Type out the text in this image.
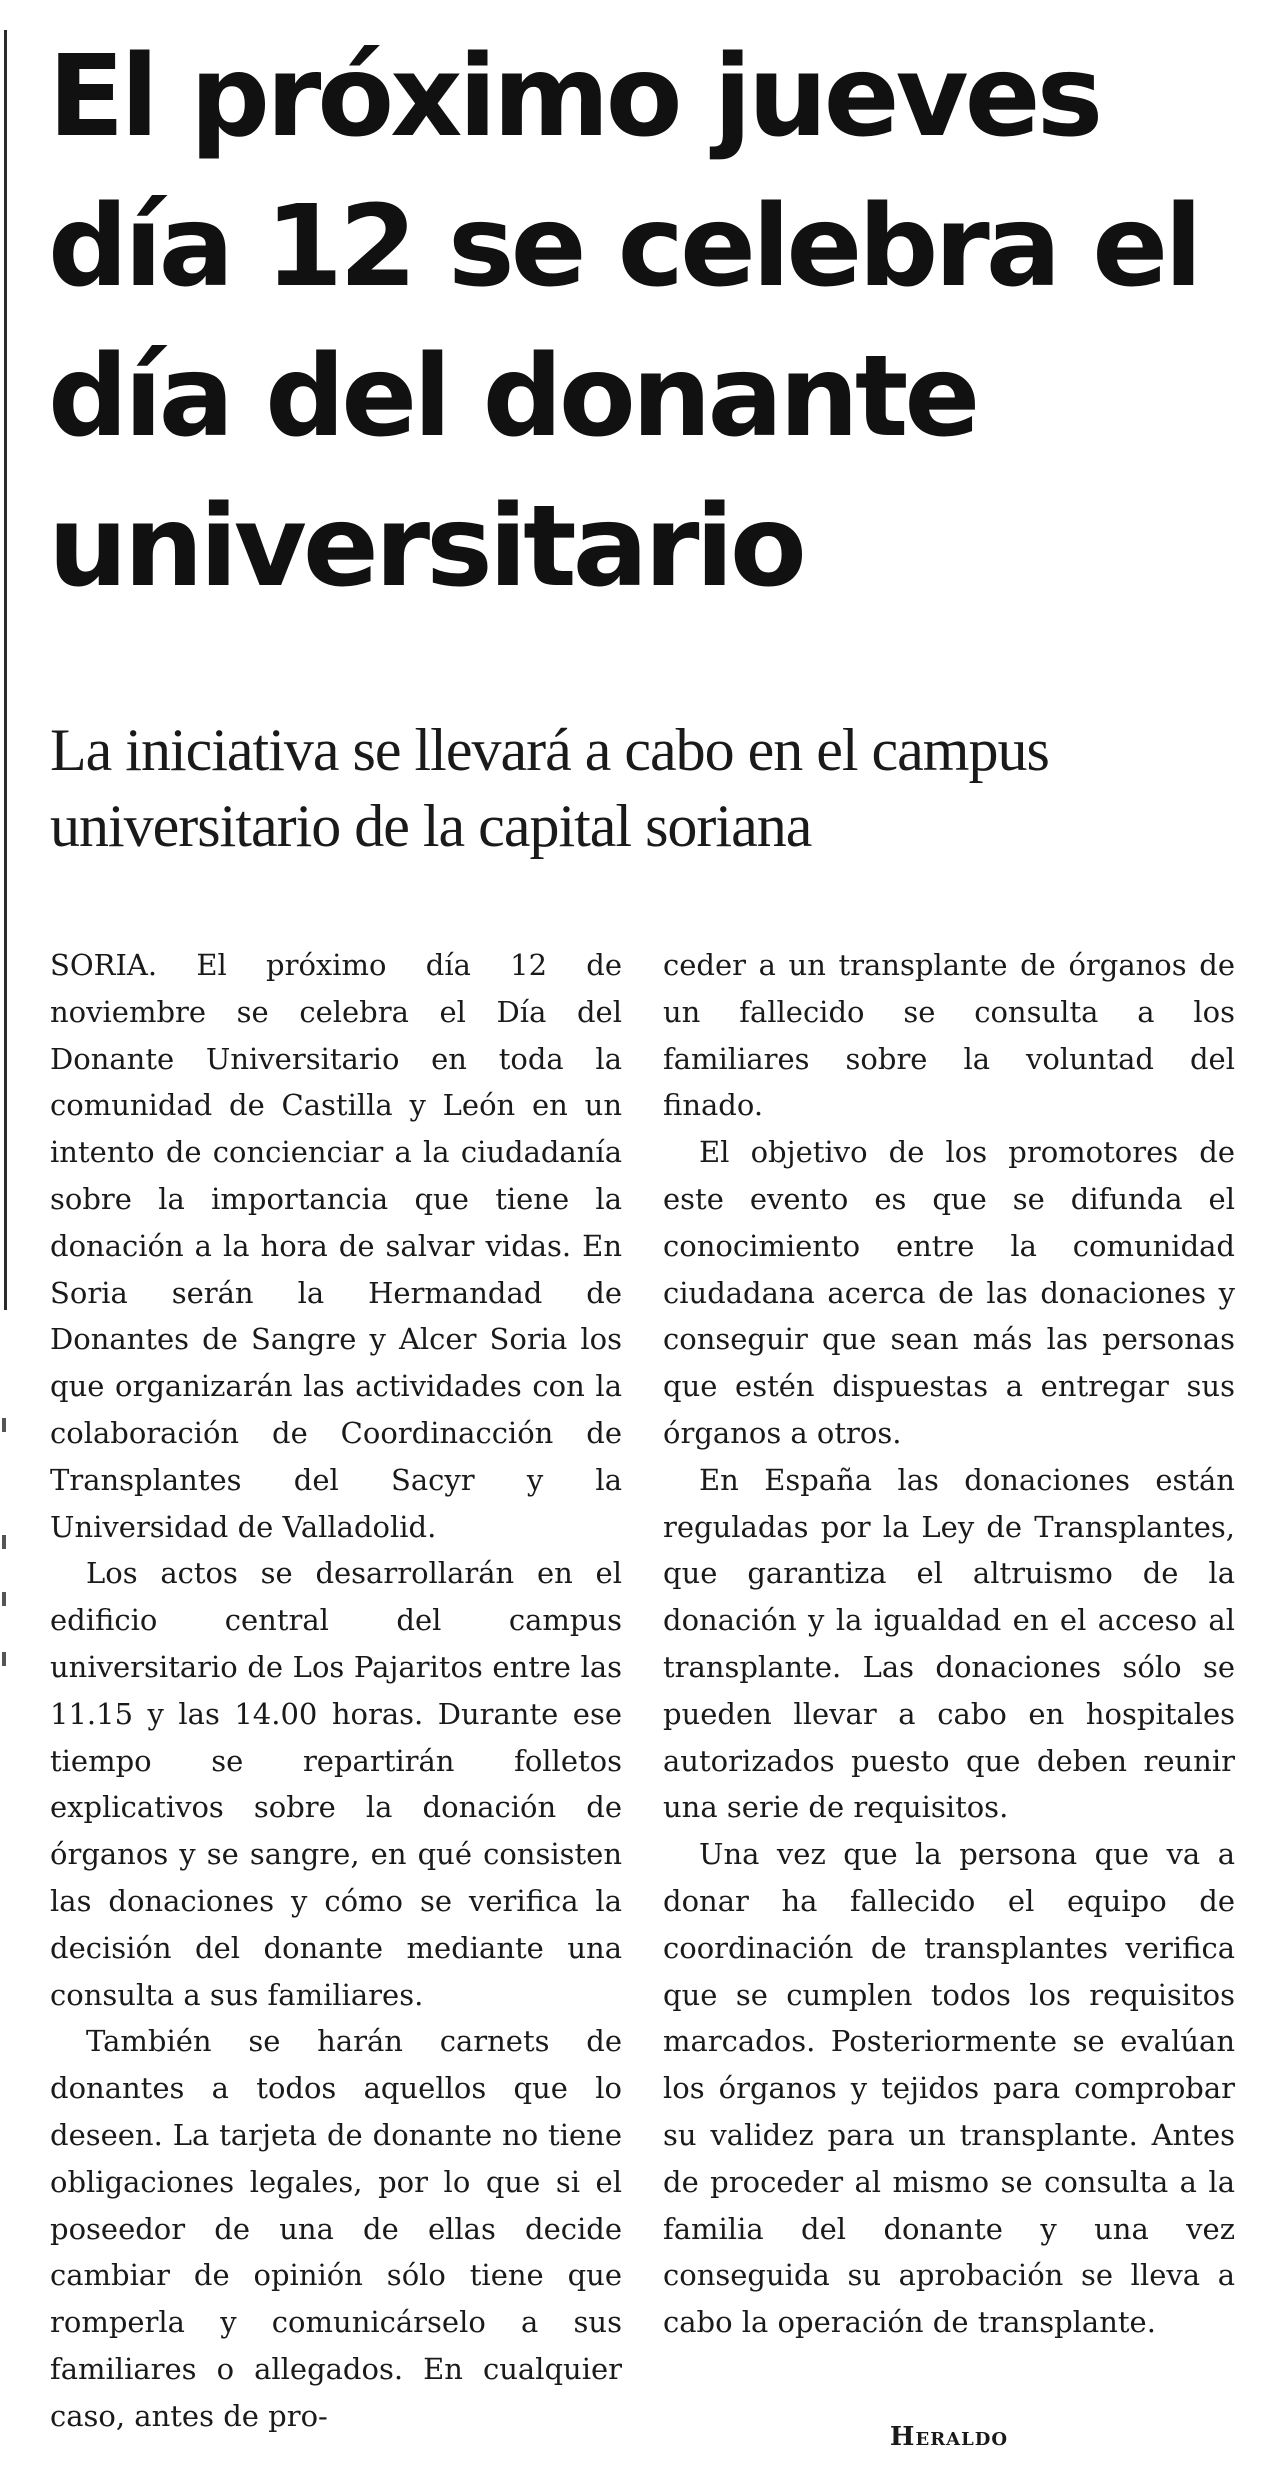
El próximo jueves día 12 se celebra el día del donante universitario
La iniciativa se llevará a cabo en el campus universitario de la capital soriana

SORIA. El próximo día 12 de noviembre se celebra el Día del Donante Universitario en toda la comunidad de Castilla y León en un intento de concienciar a la ciudadanía sobre la importancia que tiene la donación a la hora de salvar vidas. En Soria serán la Hermandad de Donantes de Sangre y Alcer Soria los que organizarán las actividades con la colaboración de Coordinacción de Transplantes del Sacyr y la Universidad de Valladolid.

Los actos se desarrollarán en el edificio central del campus universitario de Los Pajaritos entre las 11.15 y las 14.00 horas. Durante ese tiempo se repartirán folletos explicativos sobre la donación de órganos y se sangre, en qué consisten las donaciones y cómo se verifica la decisión del donante mediante una consulta a sus familiares.

También se harán carnets de donantes a todos aquellos que lo deseen. La tarjeta de donante no tiene obligaciones legales, por lo que si el poseedor de una de ellas decide cambiar de opinión sólo tiene que romperla y comunicárselo a sus familiares o allegados. En cualquier caso, antes de pro-

ceder a un transplante de órganos de un fallecido se consulta a los familiares sobre la voluntad del finado.

El objetivo de los promotores de este evento es que se difunda el conocimiento entre la comunidad ciudadana acerca de las donaciones y conseguir que sean más las personas que estén dispuestas a entregar sus órganos a otros.

En España las donaciones están reguladas por la Ley de Transplantes, que garantiza el altruismo de la donación y la igualdad en el acceso al transplante. Las donaciones sólo se pueden llevar a cabo en hospitales autorizados puesto que deben reunir una serie de requisitos.

Una vez que la persona que va a donar ha fallecido el equipo de coordinación de transplantes verifica que se cumplen todos los requisitos marcados. Posteriormente se evalúan los órganos y tejidos para comprobar su validez para un transplante. Antes de proceder al mismo se consulta a la familia del donante y una vez conseguida su aprobación se lleva a cabo la operación de transplante.

Heraldo
